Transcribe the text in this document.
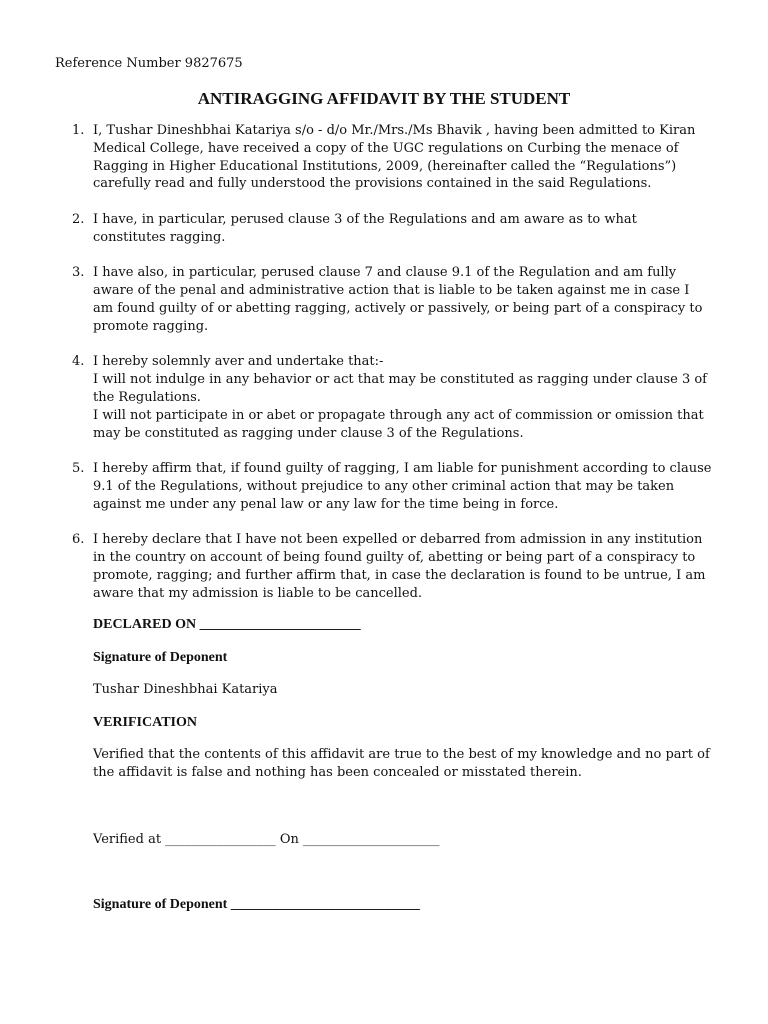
Reference Number 9827675
ANTIRAGGING AFFIDAVIT BY THE STUDENT
1. I, Tushar Dineshbhai Katariya s/o - d/o Mr./Mrs./Ms Bhavik , having been admitted to Kiran Medical College, have received a copy of the UGC regulations on Curbing the menace of Ragging in Higher Educational Institutions, 2009, (hereinafter called the “Regulations”) carefully read and fully understood the provisions contained in the said Regulations.
2. I have, in particular, perused clause 3 of the Regulations and am aware as to what constitutes ragging.
3. I have also, in particular, perused clause 7 and clause 9.1 of the Regulation and am fully aware of the penal and administrative action that is liable to be taken against me in case I am found guilty of or abetting ragging, actively or passively, or being part of a conspiracy to promote ragging.
4. I hereby solemnly aver and undertake that:-
I will not indulge in any behavior or act that may be constituted as ragging under clause 3 of the Regulations.
I will not participate in or abet or propagate through any act of commission or omission that may be constituted as ragging under clause 3 of the Regulations.
5. I hereby affirm that, if found guilty of ragging, I am liable for punishment according to clause 9.1 of the Regulations, without prejudice to any other criminal action that may be taken against me under any penal law or any law for the time being in force.
6. I hereby declare that I have not been expelled or debarred from admission in any institution in the country on account of being found guilty of, abetting or being part of a conspiracy to promote, ragging; and further affirm that, in case the declaration is found to be untrue, I am aware that my admission is liable to be cancelled.
DECLARED ON _______________________
Signature of Deponent
Tushar Dineshbhai Katariya
VERIFICATION
Verified that the contents of this affidavit are true to the best of my knowledge and no part of the affidavit is false and nothing has been concealed or misstated therein.
Verified at _________________ On _____________________
Signature of Deponent ___________________________
